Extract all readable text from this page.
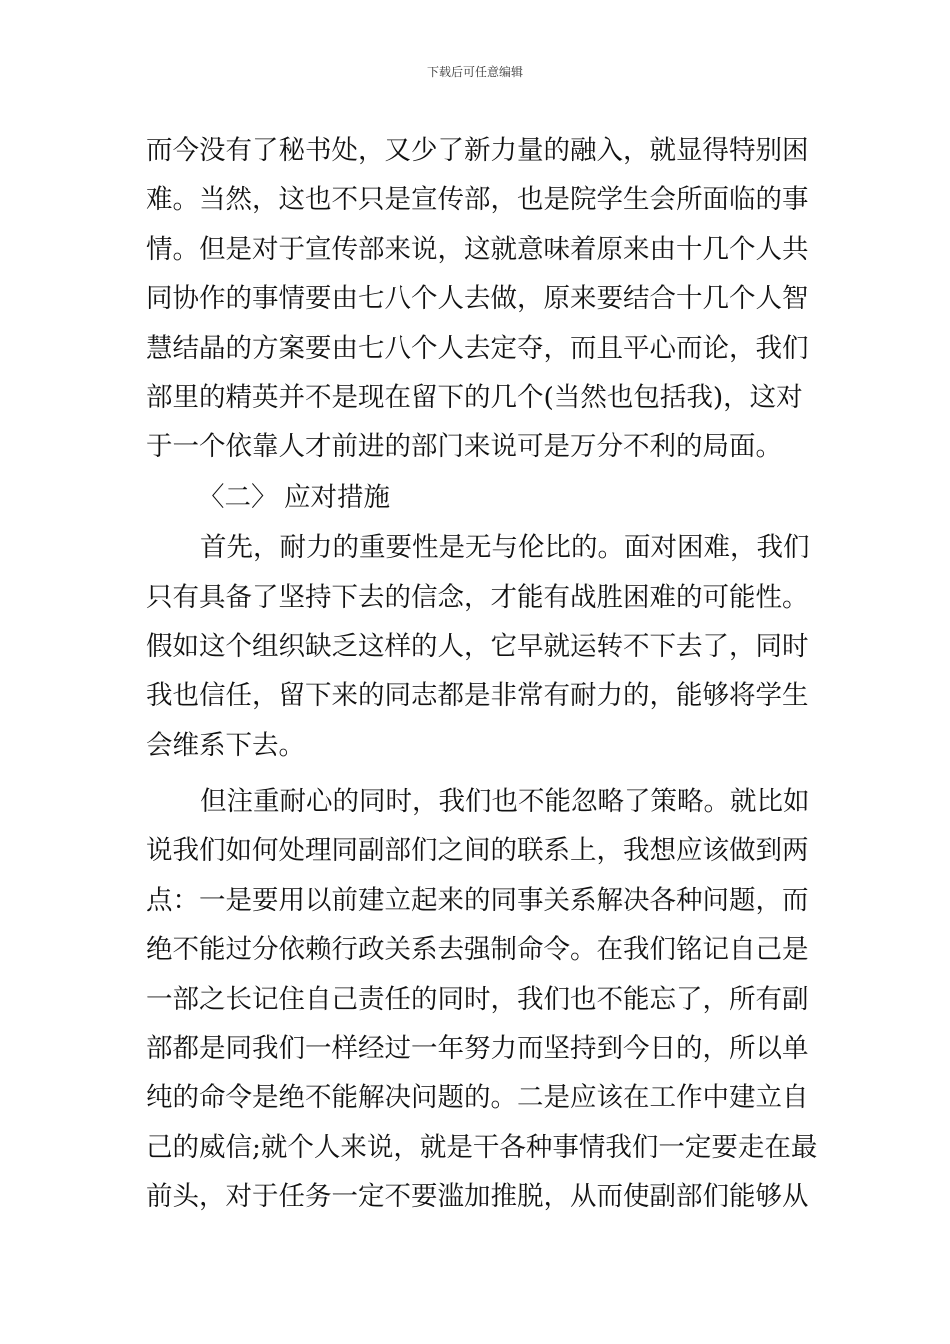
下载后可任意编辑
而今没有了秘书处，又少了新力量的融入，就显得特别困
难。当然，这也不只是宣传部，也是院学生会所面临的事
情。但是对于宣传部来说，这就意味着原来由十几个人共
同协作的事情要由七八个人去做，原来要结合十几个人智
慧结晶的方案要由七八个人去定夺，而且平心而论，我们
部里的精英并不是现在留下的几个(当然也包括我)，这对
于一个依靠人才前进的部门来说可是万分不利的局面。
〈二〉 应对措施
首先，耐力的重要性是无与伦比的。面对困难，我们
只有具备了坚持下去的信念，才能有战胜困难的可能性。
假如这个组织缺乏这样的人，它早就运转不下去了，同时
我也信任，留下来的同志都是非常有耐力的，能够将学生
会维系下去。
但注重耐心的同时，我们也不能忽略了策略。就比如
说我们如何处理同副部们之间的联系上，我想应该做到两
点：一是要用以前建立起来的同事关系解决各种问题，而
绝不能过分依赖行政关系去强制命令。在我们铭记自己是
一部之长记住自己责任的同时，我们也不能忘了，所有副
部都是同我们一样经过一年努力而坚持到今日的，所以单
纯的命令是绝不能解决问题的。二是应该在工作中建立自
己的威信;就个人来说，就是干各种事情我们一定要走在最
前头，对于任务一定不要滥加推脱，从而使副部们能够从
